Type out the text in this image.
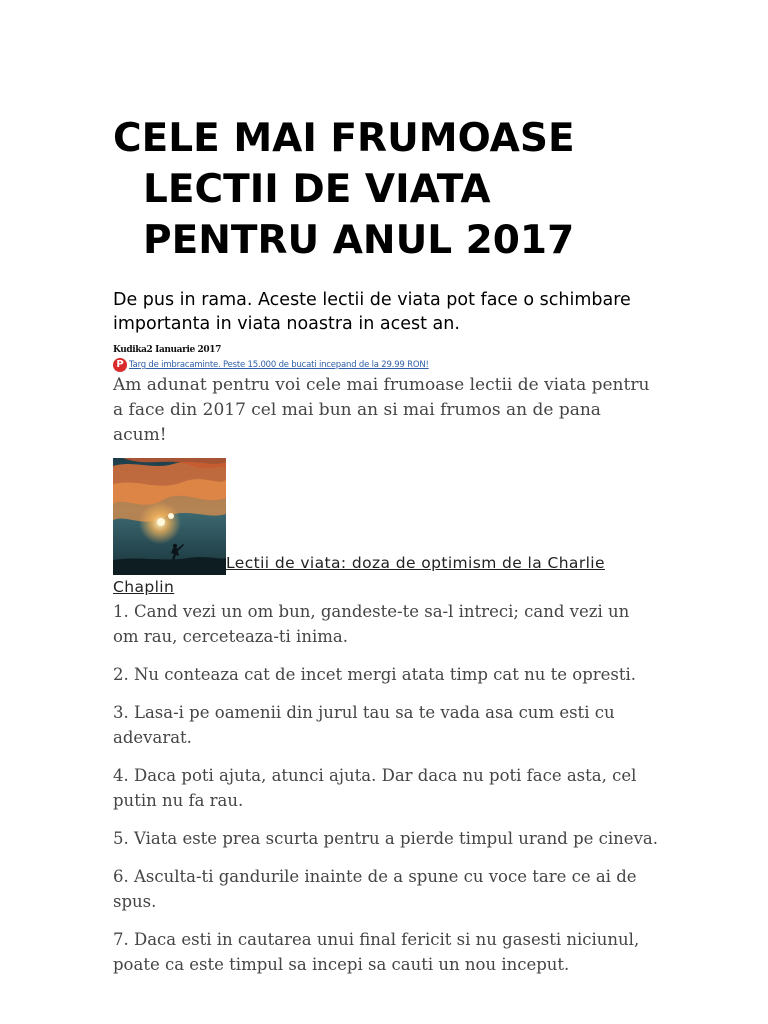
CELE MAI FRUMOASE
LECTII DE VIATA
PENTRU ANUL 2017

De pus in rama. Aceste lectii de viata pot face o schimbare importanta in viata noastra in acest an.

Kudika2 Ianuarie 2017
P Targ de imbracaminte. Peste 15.000 de bucati incepand de la 29.99 RON!

Am adunat pentru voi cele mai frumoase lectii de viata pentru a face din 2017 cel mai bun an si mai frumos an de pana acum!

Lectii de viata: doza de optimism de la Charlie Chaplin
1. Cand vezi un om bun, gandeste-te sa-l intreci; cand vezi un om rau, cerceteaza-ti inima.
2. Nu conteaza cat de incet mergi atata timp cat nu te opresti.
3. Lasa-i pe oamenii din jurul tau sa te vada asa cum esti cu adevarat.
4. Daca poti ajuta, atunci ajuta. Dar daca nu poti face asta, cel putin nu fa rau.
5. Viata este prea scurta pentru a pierde timpul urand pe cineva.
6. Asculta-ti gandurile inainte de a spune cu voce tare ce ai de spus.
7. Daca esti in cautarea unui final fericit si nu gasesti niciunul, poate ca este timpul sa incepi sa cauti un nou inceput.
